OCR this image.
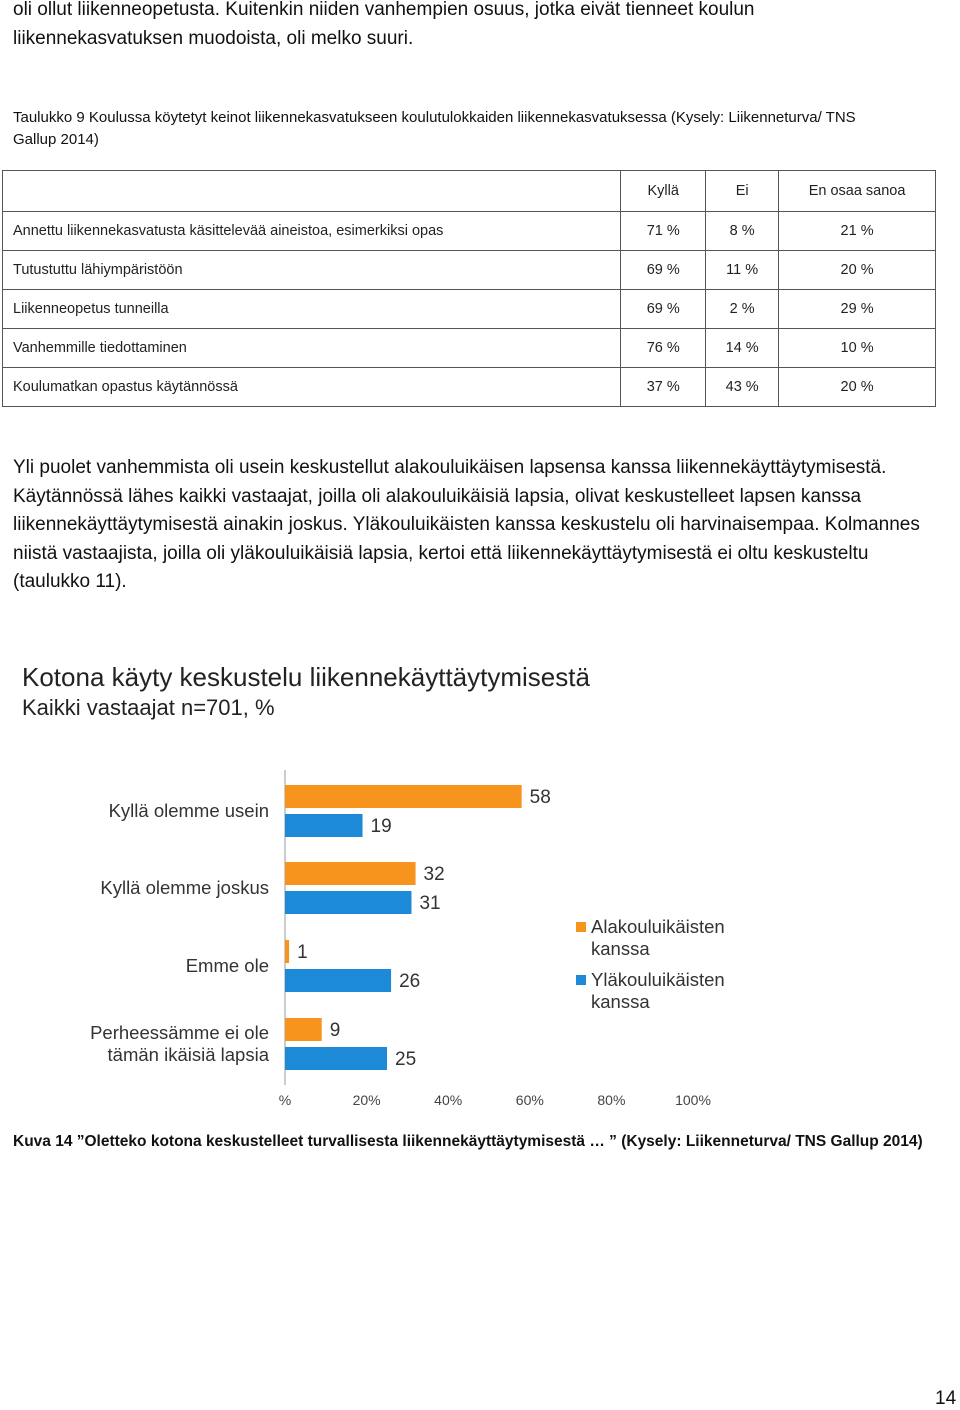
oli ollut liikenneopetusta. Kuitenkin niiden vanhempien osuus, jotka eivät tienneet koulun
liikennekasvatuksen muodoista, oli melko suuri.
Taulukko 9 Koulussa köytetyt keinot liikennekasvatukseen koulutulokkaiden liikennekasvatuksessa (Kysely: Liikenneturva/ TNS
Gallup 2014)
	Kyllä	Ei	En osaa sanoa
Annettu liikennekasvatusta käsittelevää aineistoa, esimerkiksi opas	71 %	8 %	21 %
Tutustuttu lähiympäristöön	69 %	11 %	20 %
Liikenneopetus tunneilla	69 %	2 %	29 %
Vanhemmille tiedottaminen	76 %	14 %	10 %
Koulumatkan opastus käytännössä	37 %	43 %	20 %
Yli puolet vanhemmista oli usein keskustellut alakouluikäisen lapsensa kanssa liikennekäyttäytymisestä.
Käytännössä lähes kaikki vastaajat, joilla oli alakouluikäisiä lapsia, olivat keskustelleet lapsen kanssa
liikennekäyttäytymisestä ainakin joskus. Yläkouluikäisten kanssa keskustelu oli harvinaisempaa. Kolmannes
niistä vastaajista, joilla oli yläkouluikäisiä lapsia, kertoi että liikennekäyttäytymisestä ei oltu keskusteltu
(taulukko 11).
Kotona käyty keskustelu liikennekäyttäytymisestä
Kaikki vastaajat n=701, %
58
19
Kyllä olemme usein
32
31
Kyllä olemme joskus
1
26
Emme ole
9
25
Perheessämme ei ole
tämän ikäisiä lapsia
%	20%	40%	60%	80%	100%
Alakouluikäisten
kanssa
Yläkouluikäisten
kanssa
Kuva 14 ”Oletteko kotona keskustelleet turvallisesta liikennekäyttäytymisestä … ” (Kysely: Liikenneturva/ TNS Gallup 2014)
14
